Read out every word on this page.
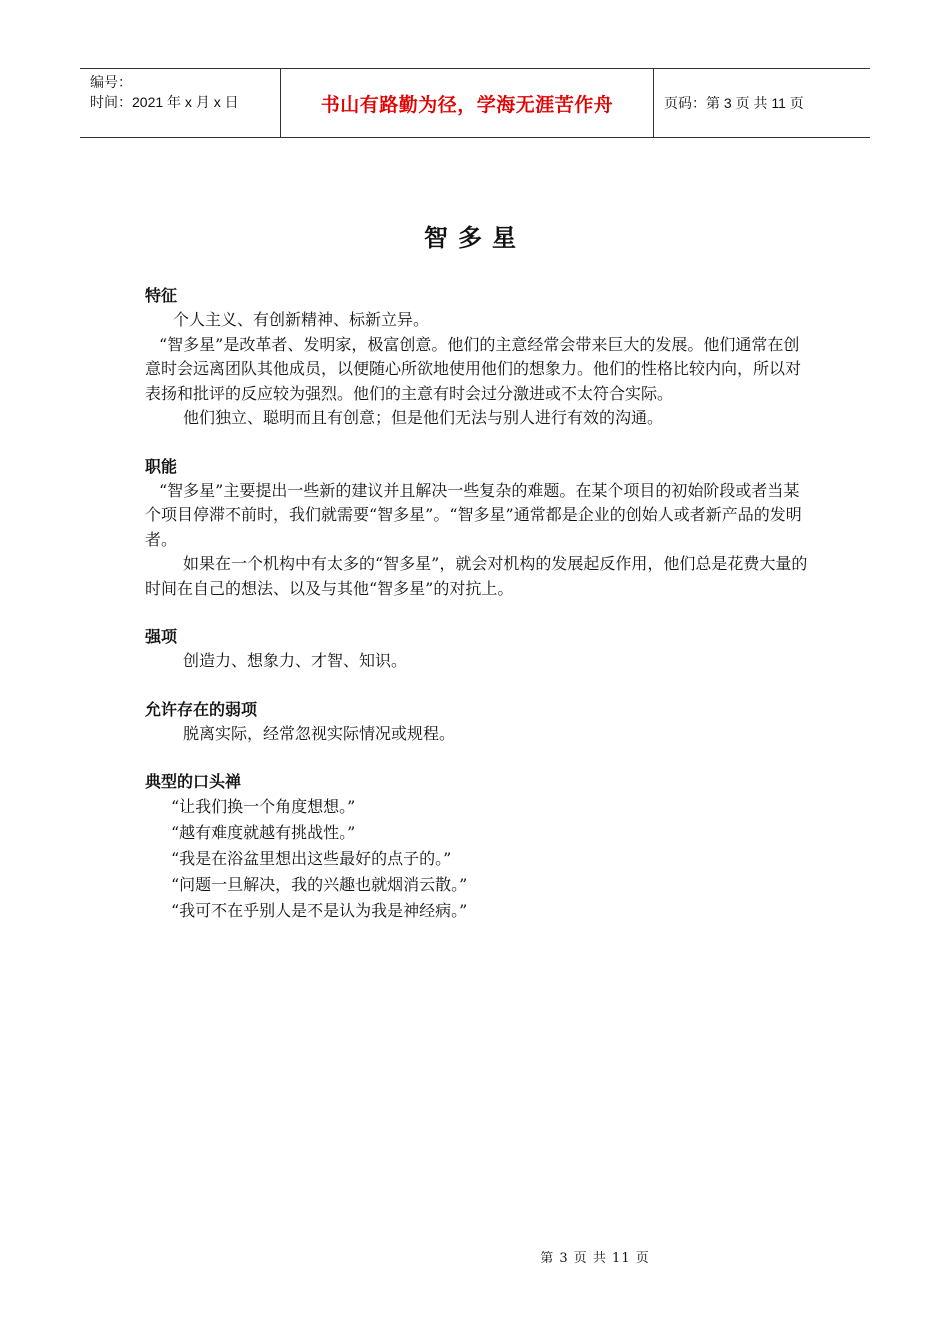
编号：
时间：2021 年 x 月 x 日	书山有路勤为径，学海无涯苦作舟	页码：第 3 页 共 11 页
智多星
特征

个人主义、有创新精神、标新立异。

“智多星”是改革者、发明家，极富创意。他们的主意经常会带来巨大的发展。他们通常在创意时会远离团队其他成员，以便随心所欲地使用他们的想象力。他们的性格比较内向，所以对表扬和批评的反应较为强烈。他们的主意有时会过分激进或不太符合实际。

他们独立、聪明而且有创意；但是他们无法与别人进行有效的沟通。

职能

“智多星”主要提出一些新的建议并且解决一些复杂的难题。在某个项目的初始阶段或者当某个项目停滞不前时，我们就需要“智多星”。“智多星”通常都是企业的创始人或者新产品的发明者。

如果在一个机构中有太多的“智多星”，就会对机构的发展起反作用，他们总是花费大量的时间在自己的想法、以及与其他“智多星”的对抗上。

强项

创造力、想象力、才智、知识。

允许存在的弱项

脱离实际，经常忽视实际情况或规程。

典型的口头禅

“让我们换一个角度想想。”

“越有难度就越有挑战性。”

“我是在浴盆里想出这些最好的点子的。”

“问题一旦解决，我的兴趣也就烟消云散。”

“我可不在乎别人是不是认为我是神经病。”

第 3 页 共 11 页
